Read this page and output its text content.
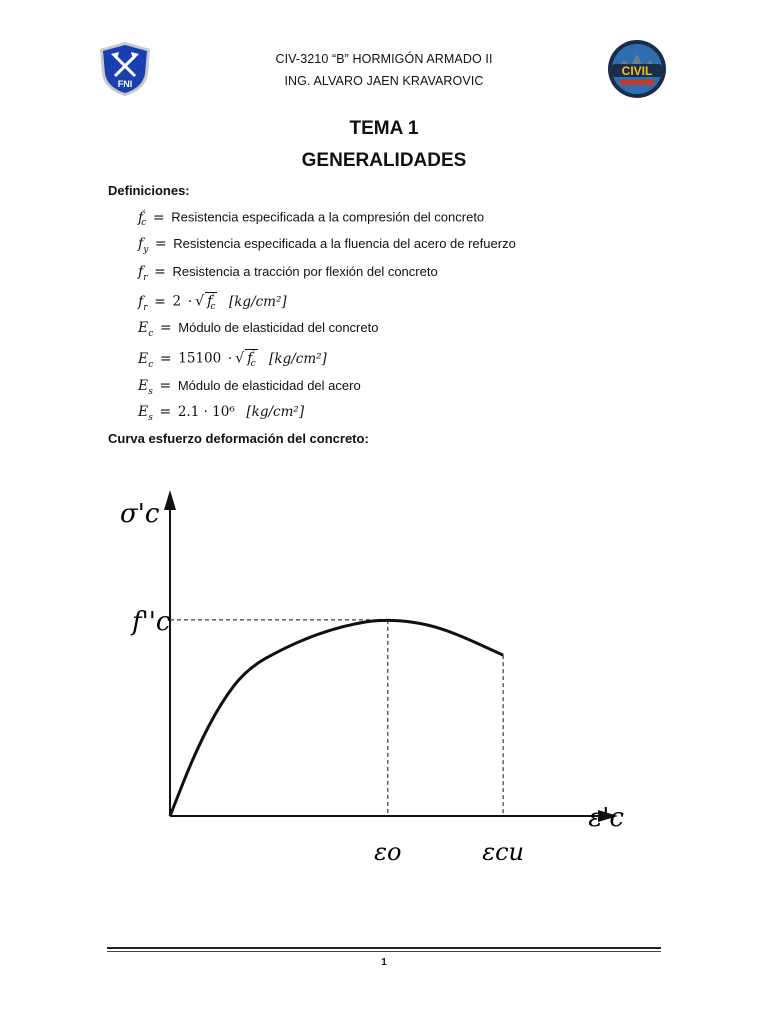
FNI
CIV-3210 “B” HORMIGÓN ARMADO II
ING. ALVARO JAEN KRAVAROVIC
CIVIL
TEMA 1
GENERALIDADES
Definiciones:
$f'_c$ = Resistencia especificada a la compresión del concreto
$f_y$ = Resistencia especificada a la fluencia del acero de refuerzo
$f_r$ = Resistencia a tracción por flexión del concreto
$f_r = 2$ · √ $f'_c$ [kg/cm²]
$E_c$ = Módulo de elasticidad del concreto
$E_c = 15100$ · √ $f'_c$ [kg/cm²]
$E_s$ = Módulo de elasticidad del acero
$E_s = 2.1 \cdot 10^6$ [kg/cm²]
Curva esfuerzo deformación del concreto:
σ'c
ε'c
f''c
εo	εcu
1
